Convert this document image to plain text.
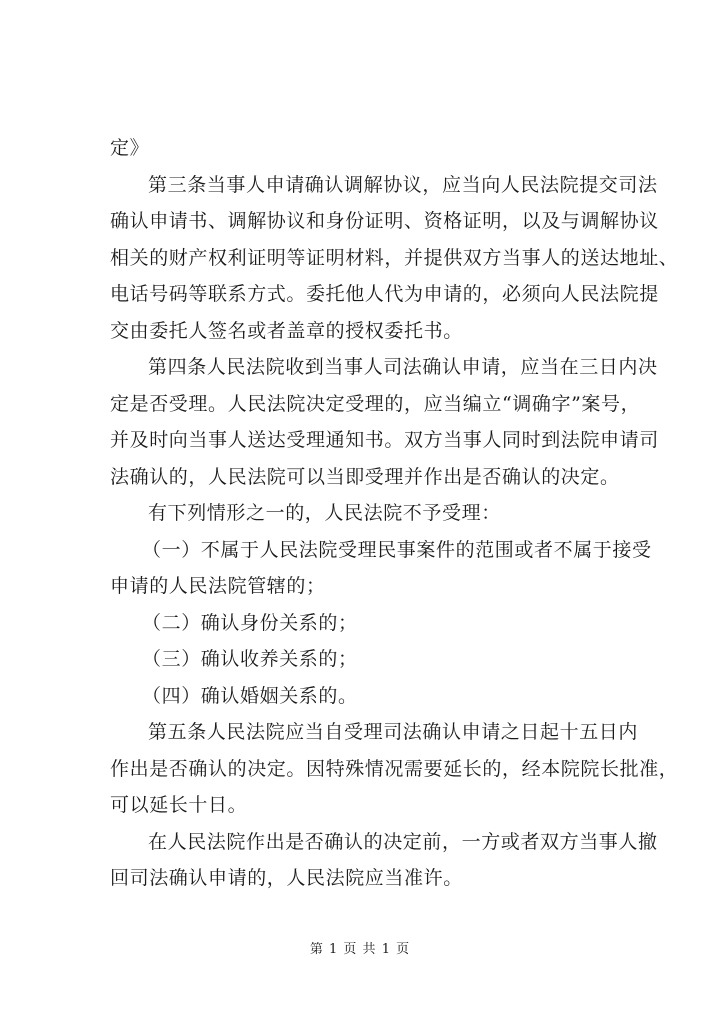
定》
第三条当事人申请确认调解协议，应当向人民法院提交司法
确认申请书、调解协议和身份证明、资格证明，以及与调解协议
相关的财产权利证明等证明材料，并提供双方当事人的送达地址、
电话号码等联系方式。委托他人代为申请的，必须向人民法院提
交由委托人签名或者盖章的授权委托书。
第四条人民法院收到当事人司法确认申请，应当在三日内决
定是否受理。人民法院决定受理的，应当编立“调确字”案号，
并及时向当事人送达受理通知书。双方当事人同时到法院申请司
法确认的，人民法院可以当即受理并作出是否确认的决定。
有下列情形之一的，人民法院不予受理：
（一）不属于人民法院受理民事案件的范围或者不属于接受
申请的人民法院管辖的；
（二）确认身份关系的；
（三）确认收养关系的；
（四）确认婚姻关系的。
第五条人民法院应当自受理司法确认申请之日起十五日内
作出是否确认的决定。因特殊情况需要延长的，经本院院长批准，
可以延长十日。
在人民法院作出是否确认的决定前，一方或者双方当事人撤
回司法确认申请的，人民法院应当准许。
第 1 页 共 1 页
